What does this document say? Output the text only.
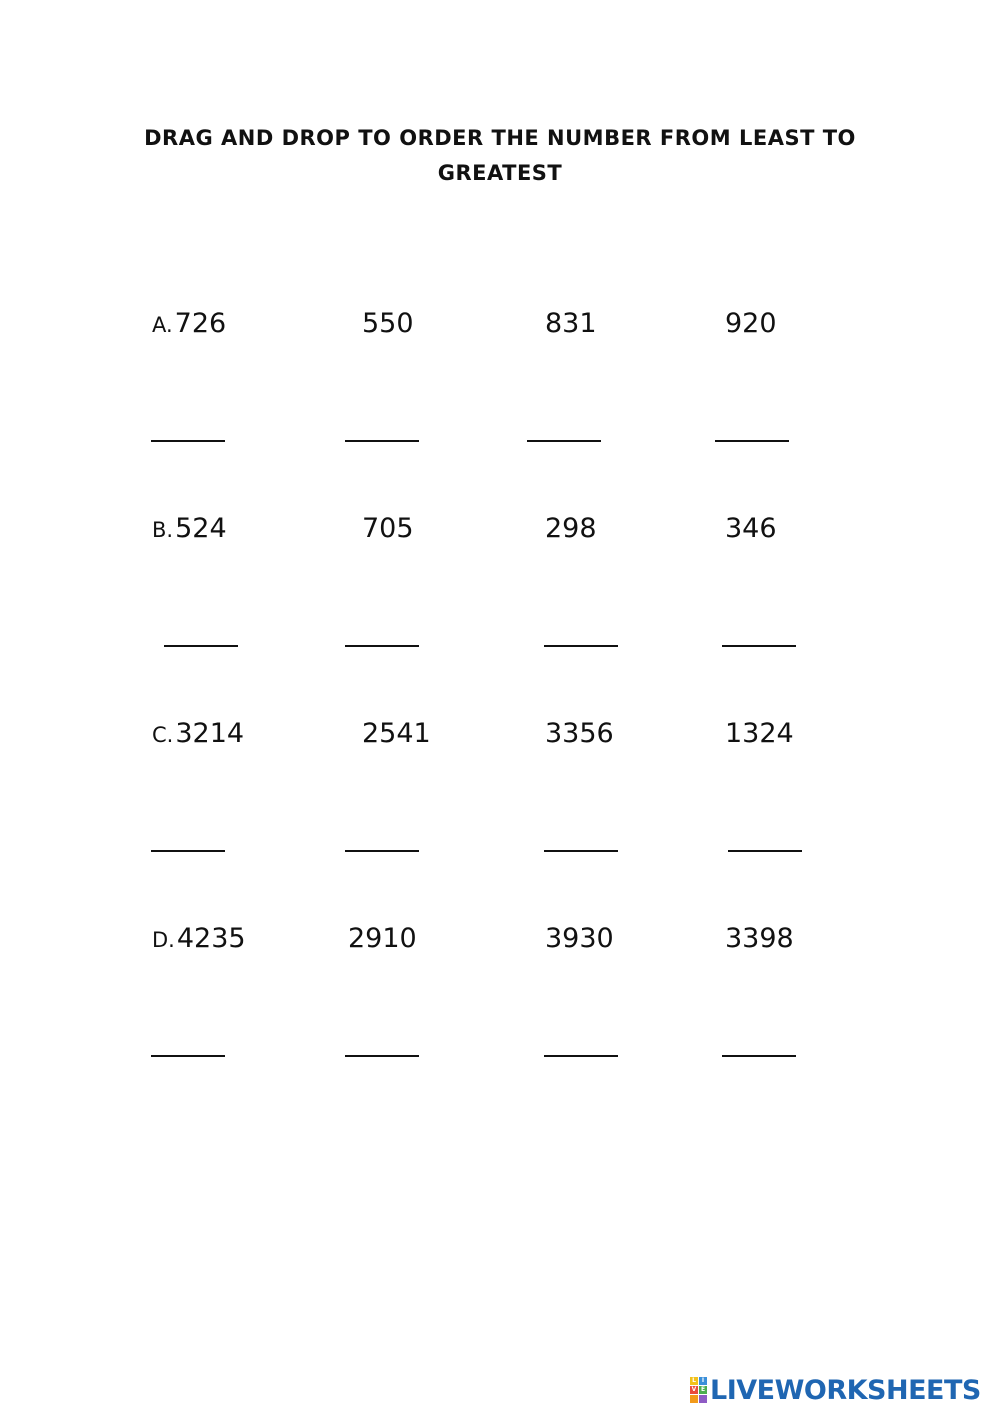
DRAG AND DROP TO ORDER THE NUMBER FROM LEAST TO
GREATEST
A.726	550	831	920
B.524	705	298	346
C.3214	2541	3356	1324
D.4235	2910	3930	3398
L I
V E LIVEWORKSHEETS
